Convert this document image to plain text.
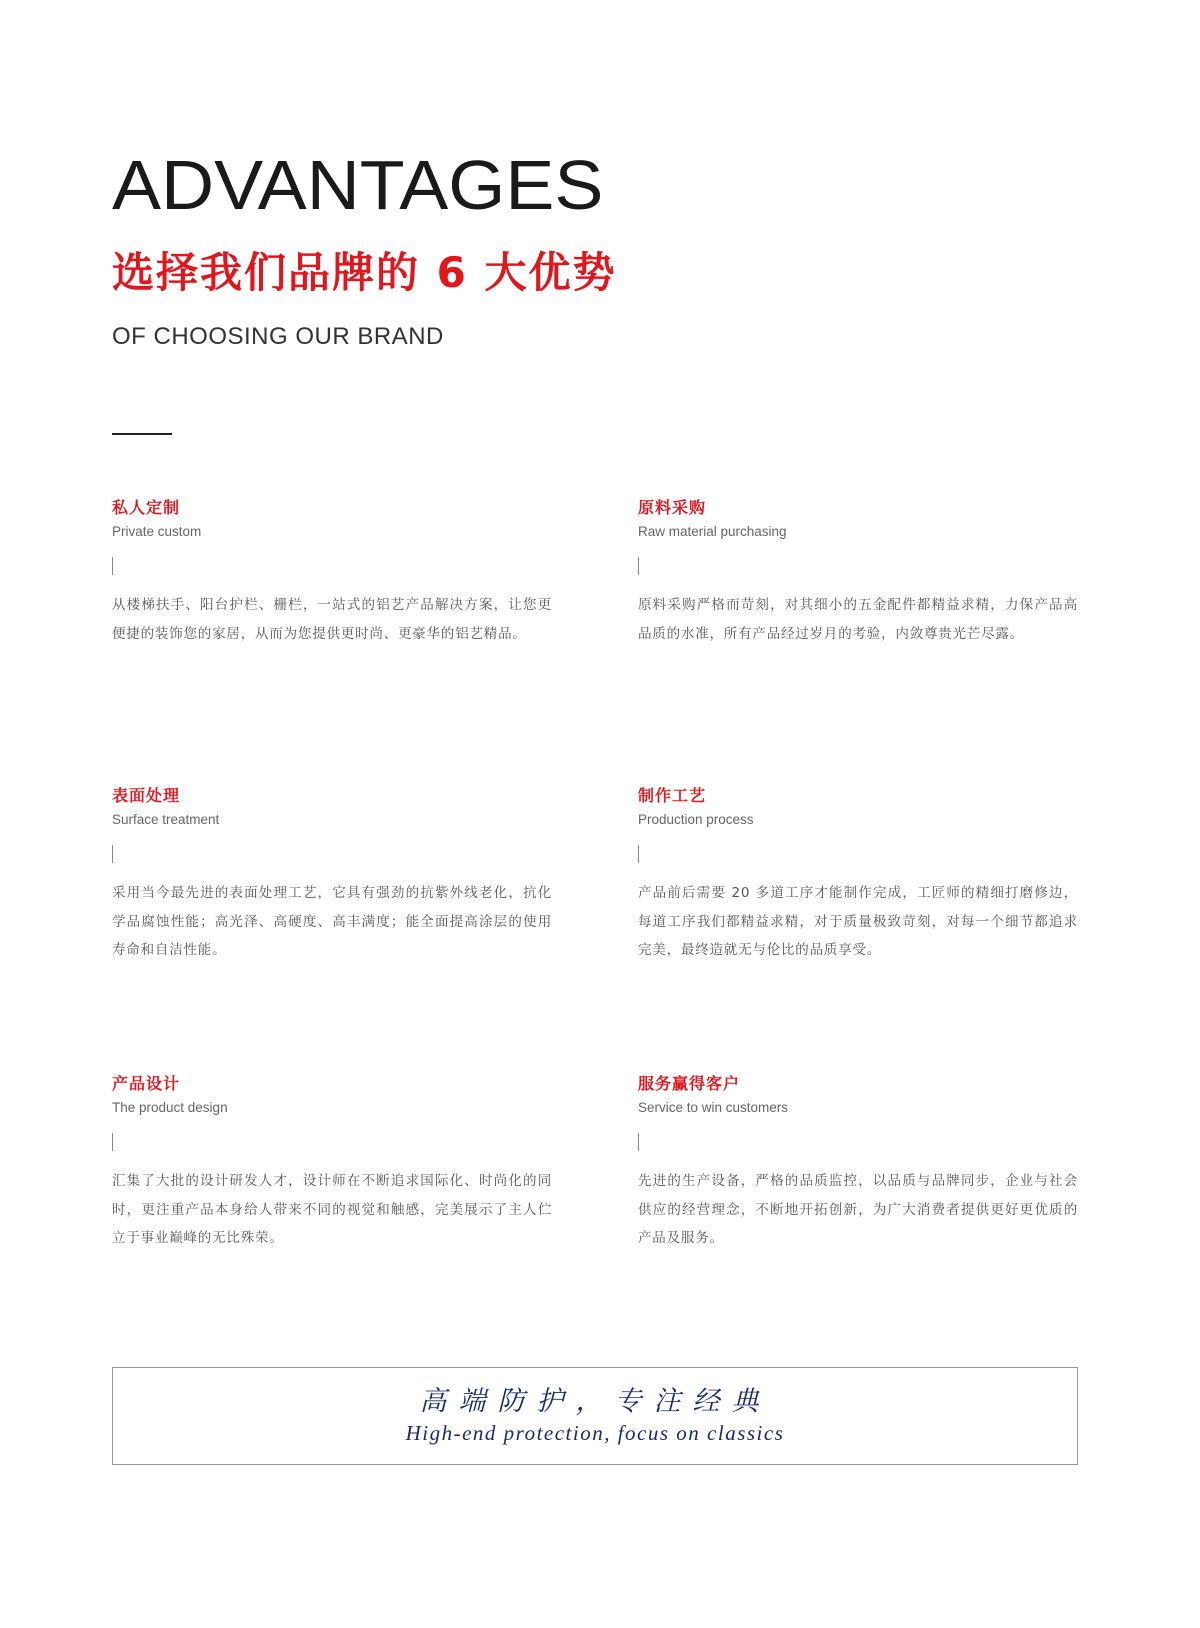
ADVANTAGES
选择我们品牌的 6 大优势
OF CHOOSING OUR BRAND
私人定制
Private custom
从楼梯扶手、阳台护栏、栅栏，一站式的铝艺产品解决方案，让您更便捷的装饰您的家居，从而为您提供更时尚、更豪华的铝艺精品。
原料采购
Raw material purchasing
原料采购严格而苛刻，对其细小的五金配件都精益求精，力保产品高品质的水准，所有产品经过岁月的考验，内敛尊贵光芒尽露。
表面处理
Surface treatment
采用当今最先进的表面处理工艺，它具有强劲的抗紫外线老化，抗化学品腐蚀性能；高光泽、高硬度、高丰满度；能全面提高涂层的使用寿命和自洁性能。
制作工艺
Production process
产品前后需要 20 多道工序才能制作完成，工匠师的精细打磨修边，每道工序我们都精益求精，对于质量极致苛刻，对每一个细节都追求完美，最终造就无与伦比的品质享受。
产品设计
The product design
汇集了大批的设计研发人才，设计师在不断追求国际化、时尚化的同时，更注重产品本身给人带来不同的视觉和触感，完美展示了主人伫立于事业巅峰的无比殊荣。
服务赢得客户
Service to win customers
先进的生产设备，严格的品质监控，以品质与品牌同步，企业与社会供应的经营理念，不断地开拓创新，为广大消费者提供更好更优质的产品及服务。
高端防护，专注经典
High-end protection, focus on classics
